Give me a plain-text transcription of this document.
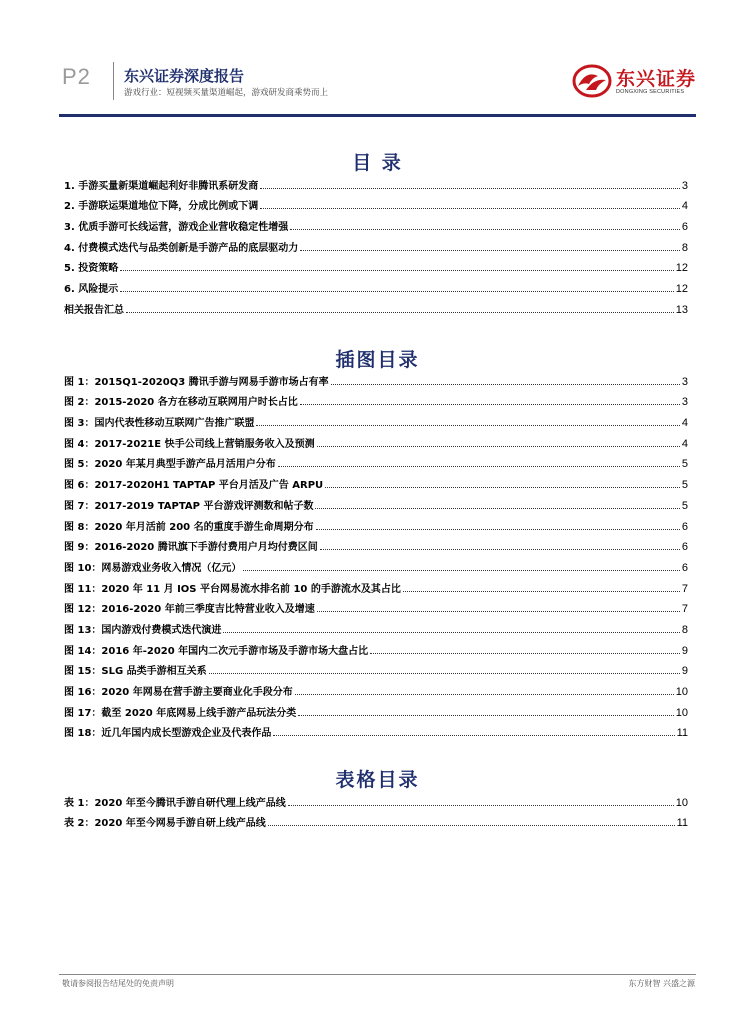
P2 东兴证券深度报告
游戏行业：短视频买量渠道崛起，游戏研发商乘势而上
东兴证券
DONGXING SECURITIES
目 录
1. 手游买量新渠道崛起利好非腾讯系研发商	3
2. 手游联运渠道地位下降，分成比例或下调	4
3. 优质手游可长线运营，游戏企业营收稳定性增强	6
4. 付费模式迭代与品类创新是手游产品的底层驱动力	8
5. 投资策略	12
6. 风险提示	12
相关报告汇总	13
插图目录
图 1：2015Q1-2020Q3 腾讯手游与网易手游市场占有率	3
图 2：2015-2020 各方在移动互联网用户时长占比	3
图 3：国内代表性移动互联网广告推广联盟	4
图 4：2017-2021E 快手公司线上营销服务收入及预测	4
图 5：2020 年某月典型手游产品月活用户分布	5
图 6：2017-2020H1 TAPTAP 平台月活及广告 ARPU	5
图 7：2017-2019 TAPTAP 平台游戏评测数和帖子数	5
图 8：2020 年月活前 200 名的重度手游生命周期分布	6
图 9：2016-2020 腾讯旗下手游付费用户月均付费区间	6
图 10：网易游戏业务收入情况（亿元）	6
图 11：2020 年 11 月 IOS 平台网易流水排名前 10 的手游流水及其占比	7
图 12：2016-2020 年前三季度吉比特营业收入及增速	7
图 13：国内游戏付费模式迭代演进	8
图 14：2016 年-2020 年国内二次元手游市场及手游市场大盘占比	9
图 15：SLG 品类手游相互关系	9
图 16：2020 年网易在营手游主要商业化手段分布	10
图 17：截至 2020 年底网易上线手游产品玩法分类	10
图 18：近几年国内成长型游戏企业及代表作品	11
表格目录
表 1：2020 年至今腾讯手游自研代理上线产品线	10
表 2：2020 年至今网易手游自研上线产品线	11
敬请参阅报告结尾处的免责声明	东方财智 兴盛之源
